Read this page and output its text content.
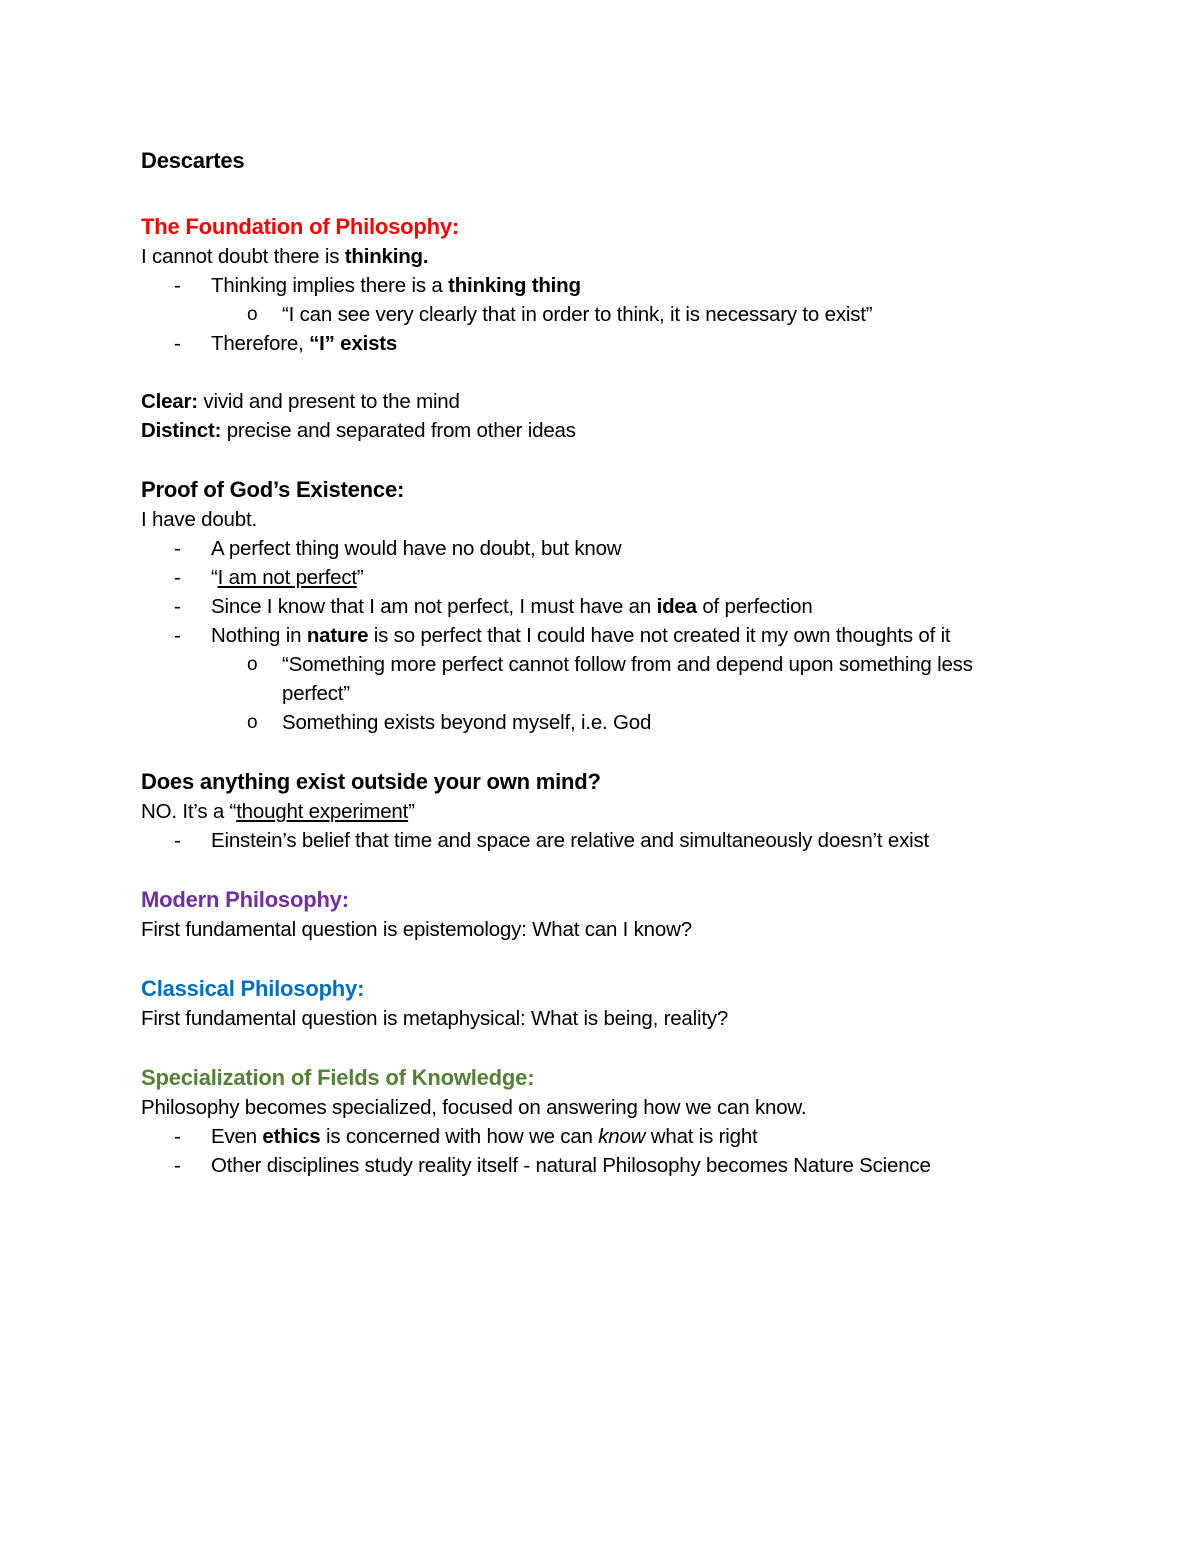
Descartes
The Foundation of Philosophy:
I cannot doubt there is thinking.
- Thinking implies there is a thinking thing
o “I can see very clearly that in order to think, it is necessary to exist”
- Therefore, “I” exists
Clear: vivid and present to the mind
Distinct: precise and separated from other ideas
Proof of God’s Existence:
I have doubt.
- A perfect thing would have no doubt, but know
- “I am not perfect”
- Since I know that I am not perfect, I must have an idea of perfection
- Nothing in nature is so perfect that I could have not created it my own thoughts of it
o “Something more perfect cannot follow from and depend upon something less
perfect”
o Something exists beyond myself, i.e. God
Does anything exist outside your own mind?
NO. It’s a “thought experiment”
- Einstein’s belief that time and space are relative and simultaneously doesn’t exist
Modern Philosophy:
First fundamental question is epistemology: What can I know?
Classical Philosophy:
First fundamental question is metaphysical: What is being, reality?
Specialization of Fields of Knowledge:
Philosophy becomes specialized, focused on answering how we can know.
- Even ethics is concerned with how we can know what is right
- Other disciplines study reality itself - natural Philosophy becomes Nature Science
